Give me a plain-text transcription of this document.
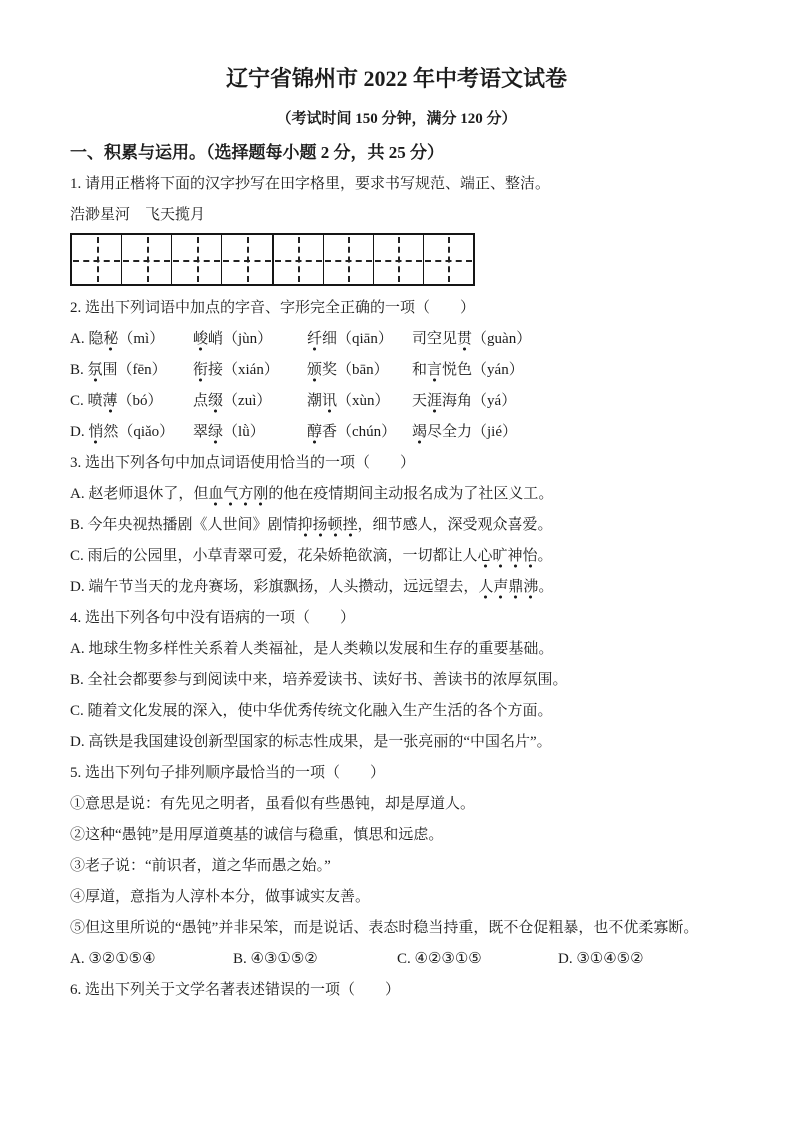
辽宁省锦州市 2022 年中考语文试卷

（考试时间 150 分钟，满分 120 分）

一、积累与运用。（选择题每小题 2 分，共 25 分）

1. 请用正楷将下面的汉字抄写在田字格里，要求书写规范、端正、整洁。

浩渺星河　飞天揽月

2. 选出下列词语中加点的字音、字形完全正确的一项（　　）

A. 隐秘（mì）	峻峭（jùn）	纤细（qiān）	司空见贯（guàn）
B. 氛围（fēn）	衔接（xián）	颁奖（bān）	和言悦色（yán）
C. 喷薄（bó）	点缀（zuì）	潮讯（xùn）	天涯海角（yá）
D. 悄然（qiǎo）	翠绿（lǜ）	醇香（chún）	竭尽全力（jié）

3. 选出下列各句中加点词语使用恰当的一项（　　）

A. 赵老师退休了，但血气方刚的他在疫情期间主动报名成为了社区义工。

B. 今年央视热播剧《人世间》剧情抑扬顿挫，细节感人，深受观众喜爱。

C. 雨后的公园里，小草青翠可爱，花朵娇艳欲滴，一切都让人心旷神怡。

D. 端午节当天的龙舟赛场，彩旗飘扬，人头攒动，远远望去，人声鼎沸。

4. 选出下列各句中没有语病的一项（　　）

A. 地球生物多样性关系着人类福祉，是人类赖以发展和生存的重要基础。

B. 全社会都要参与到阅读中来，培养爱读书、读好书、善读书的浓厚氛围。

C. 随着文化发展的深入，使中华优秀传统文化融入生产生活的各个方面。

D. 高铁是我国建设创新型国家的标志性成果，是一张亮丽的“中国名片”。

5. 选出下列句子排列顺序最恰当的一项（　　）

①意思是说：有先见之明者，虽看似有些愚钝，却是厚道人。

②这种“愚钝”是用厚道奠基的诚信与稳重，慎思和远虑。

③老子说：“前识者，道之华而愚之始。”

④厚道，意指为人淳朴本分，做事诚实友善。

⑤但这里所说的“愚钝”并非呆笨，而是说话、表态时稳当持重，既不仓促粗暴，也不优柔寡断。

A. ③②①⑤④	B. ④③①⑤②	C. ④②③①⑤	D. ③①④⑤②

6. 选出下列关于文学名著表述错误的一项（　　）
